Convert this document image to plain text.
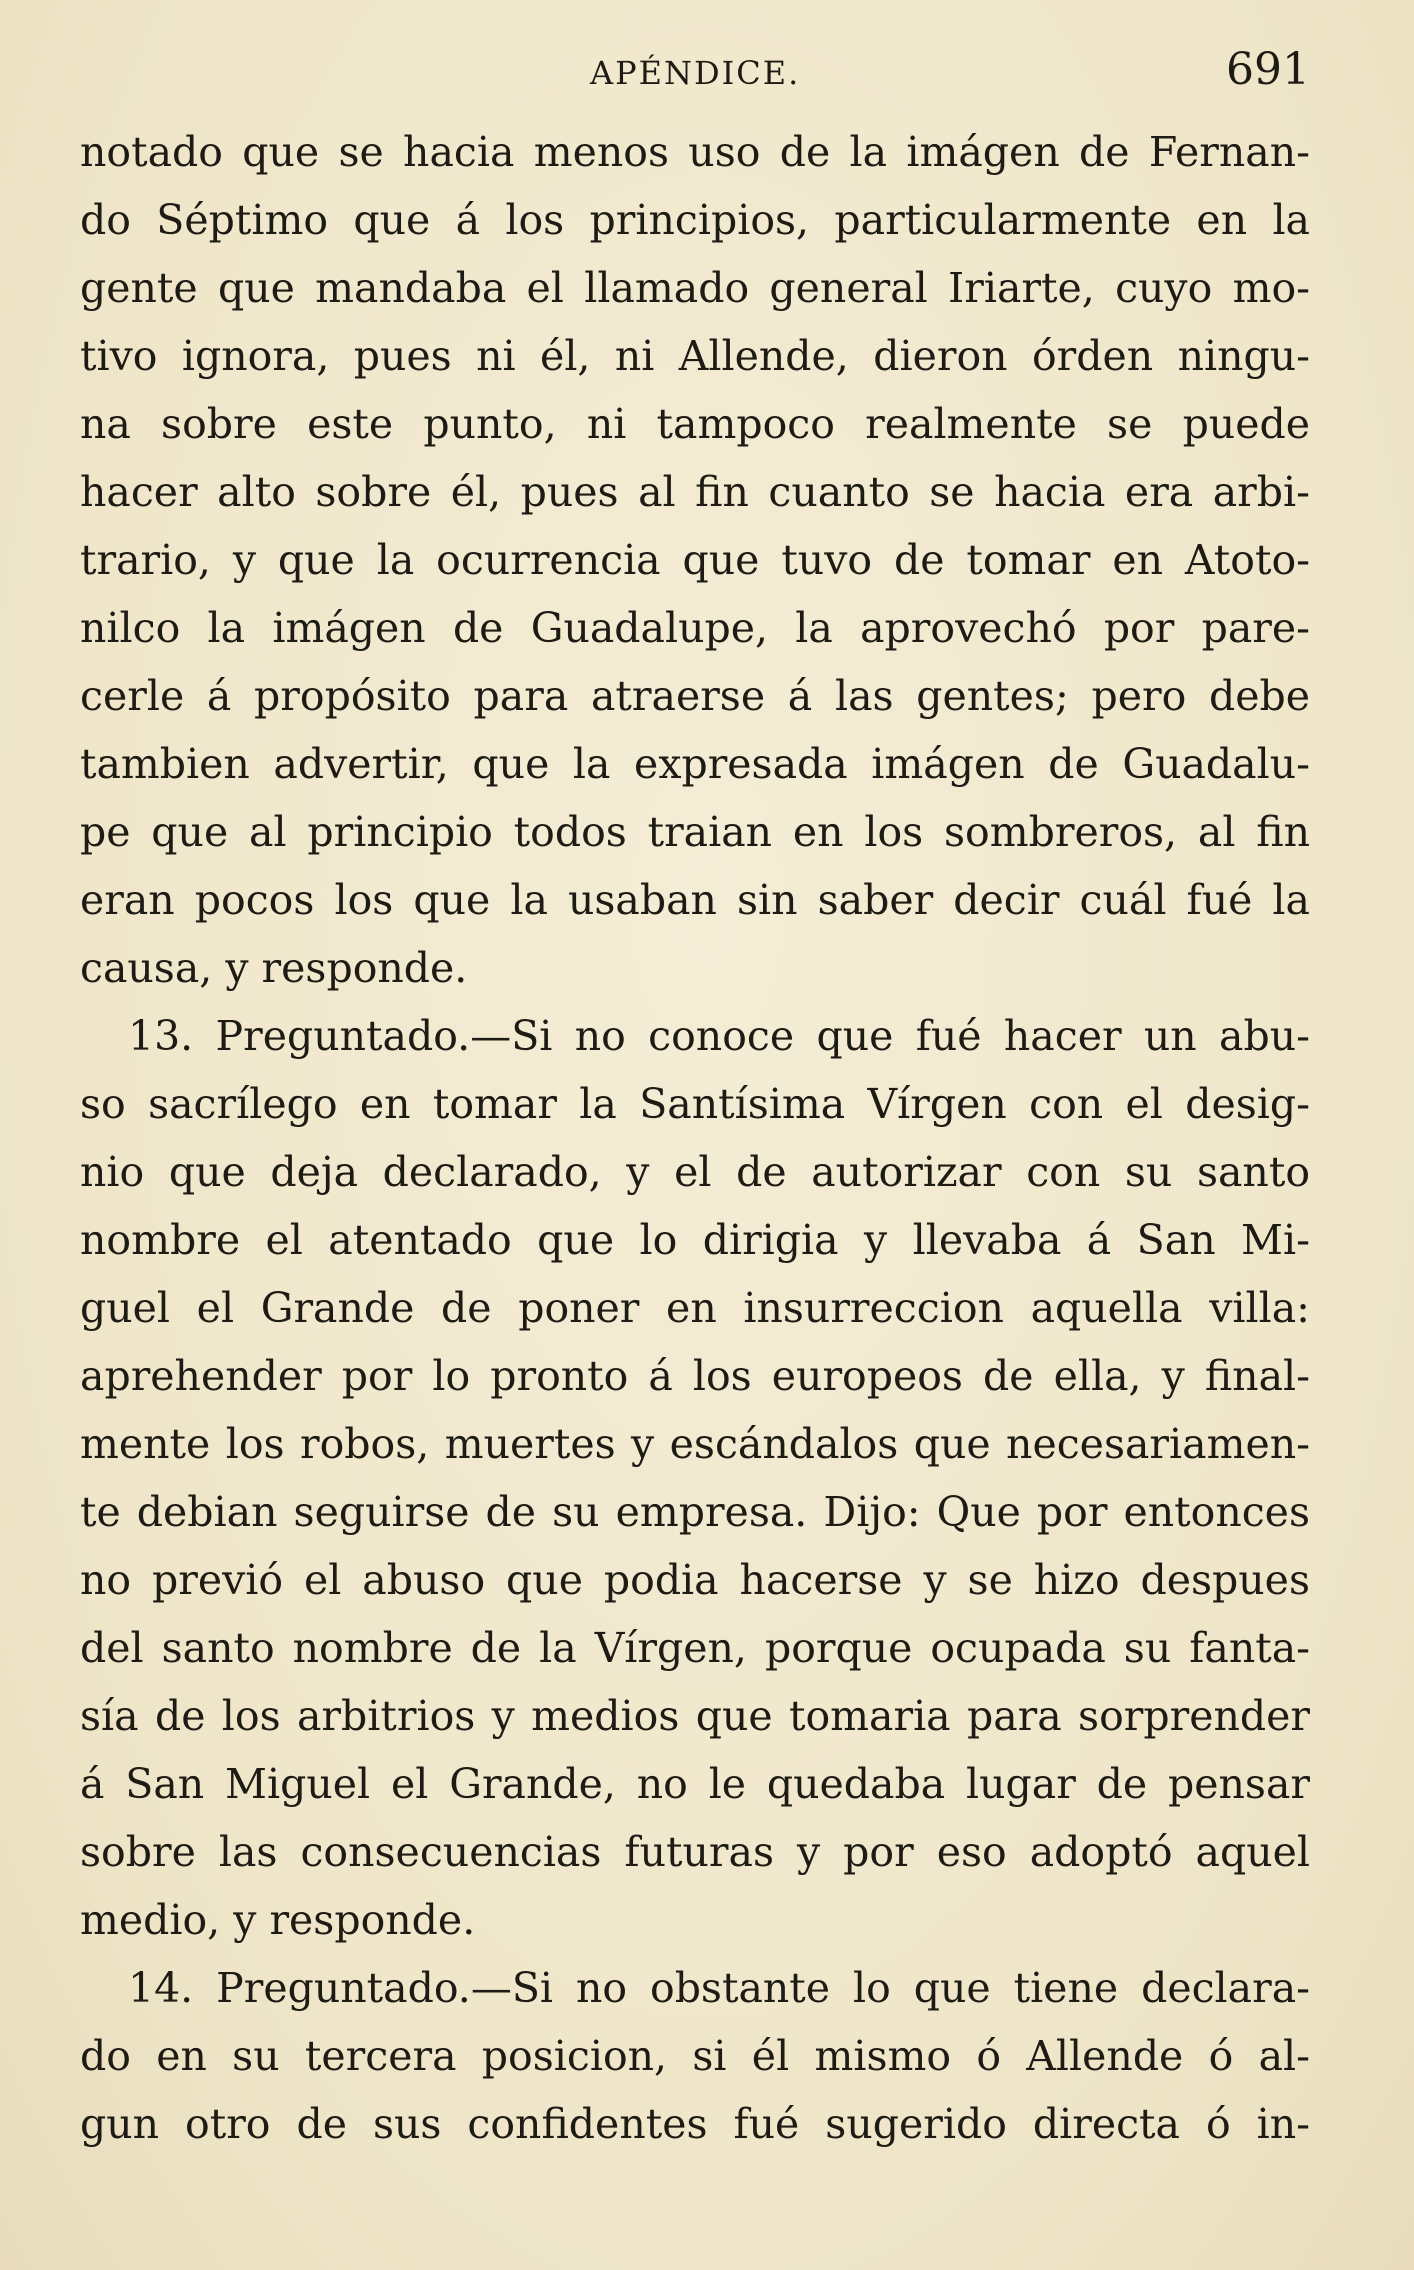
APÉNDICE.	691
notado que se hacia menos uso de la imágen de Fernan-
do Séptimo que á los principios, particularmente en la
gente que mandaba el llamado general Iriarte, cuyo mo-
tivo ignora, pues ni él, ni Allende, dieron órden ningu-
na sobre este punto, ni tampoco realmente se puede
hacer alto sobre él, pues al fin cuanto se hacia era arbi-
trario, y que la ocurrencia que tuvo de tomar en Atoto-
nilco la imágen de Guadalupe, la aprovechó por pare-
cerle á propósito para atraerse á las gentes; pero debe
tambien advertir, que la expresada imágen de Guadalu-
pe que al principio todos traian en los sombreros, al fin
eran pocos los que la usaban sin saber decir cuál fué la
causa, y responde.
13. Preguntado.—Si no conoce que fué hacer un abu-
so sacrílego en tomar la Santísima Vírgen con el desig-
nio que deja declarado, y el de autorizar con su santo
nombre el atentado que lo dirigia y llevaba á San Mi-
guel el Grande de poner en insurreccion aquella villa:
aprehender por lo pronto á los europeos de ella, y final-
mente los robos, muertes y escándalos que necesariamen-
te debian seguirse de su empresa. Dijo: Que por entonces
no previó el abuso que podia hacerse y se hizo despues
del santo nombre de la Vírgen, porque ocupada su fanta-
sía de los arbitrios y medios que tomaria para sorprender
á San Miguel el Grande, no le quedaba lugar de pensar
sobre las consecuencias futuras y por eso adoptó aquel
medio, y responde.
14. Preguntado.—Si no obstante lo que tiene declara-
do en su tercera posicion, si él mismo ó Allende ó al-
gun otro de sus confidentes fué sugerido directa ó in-
